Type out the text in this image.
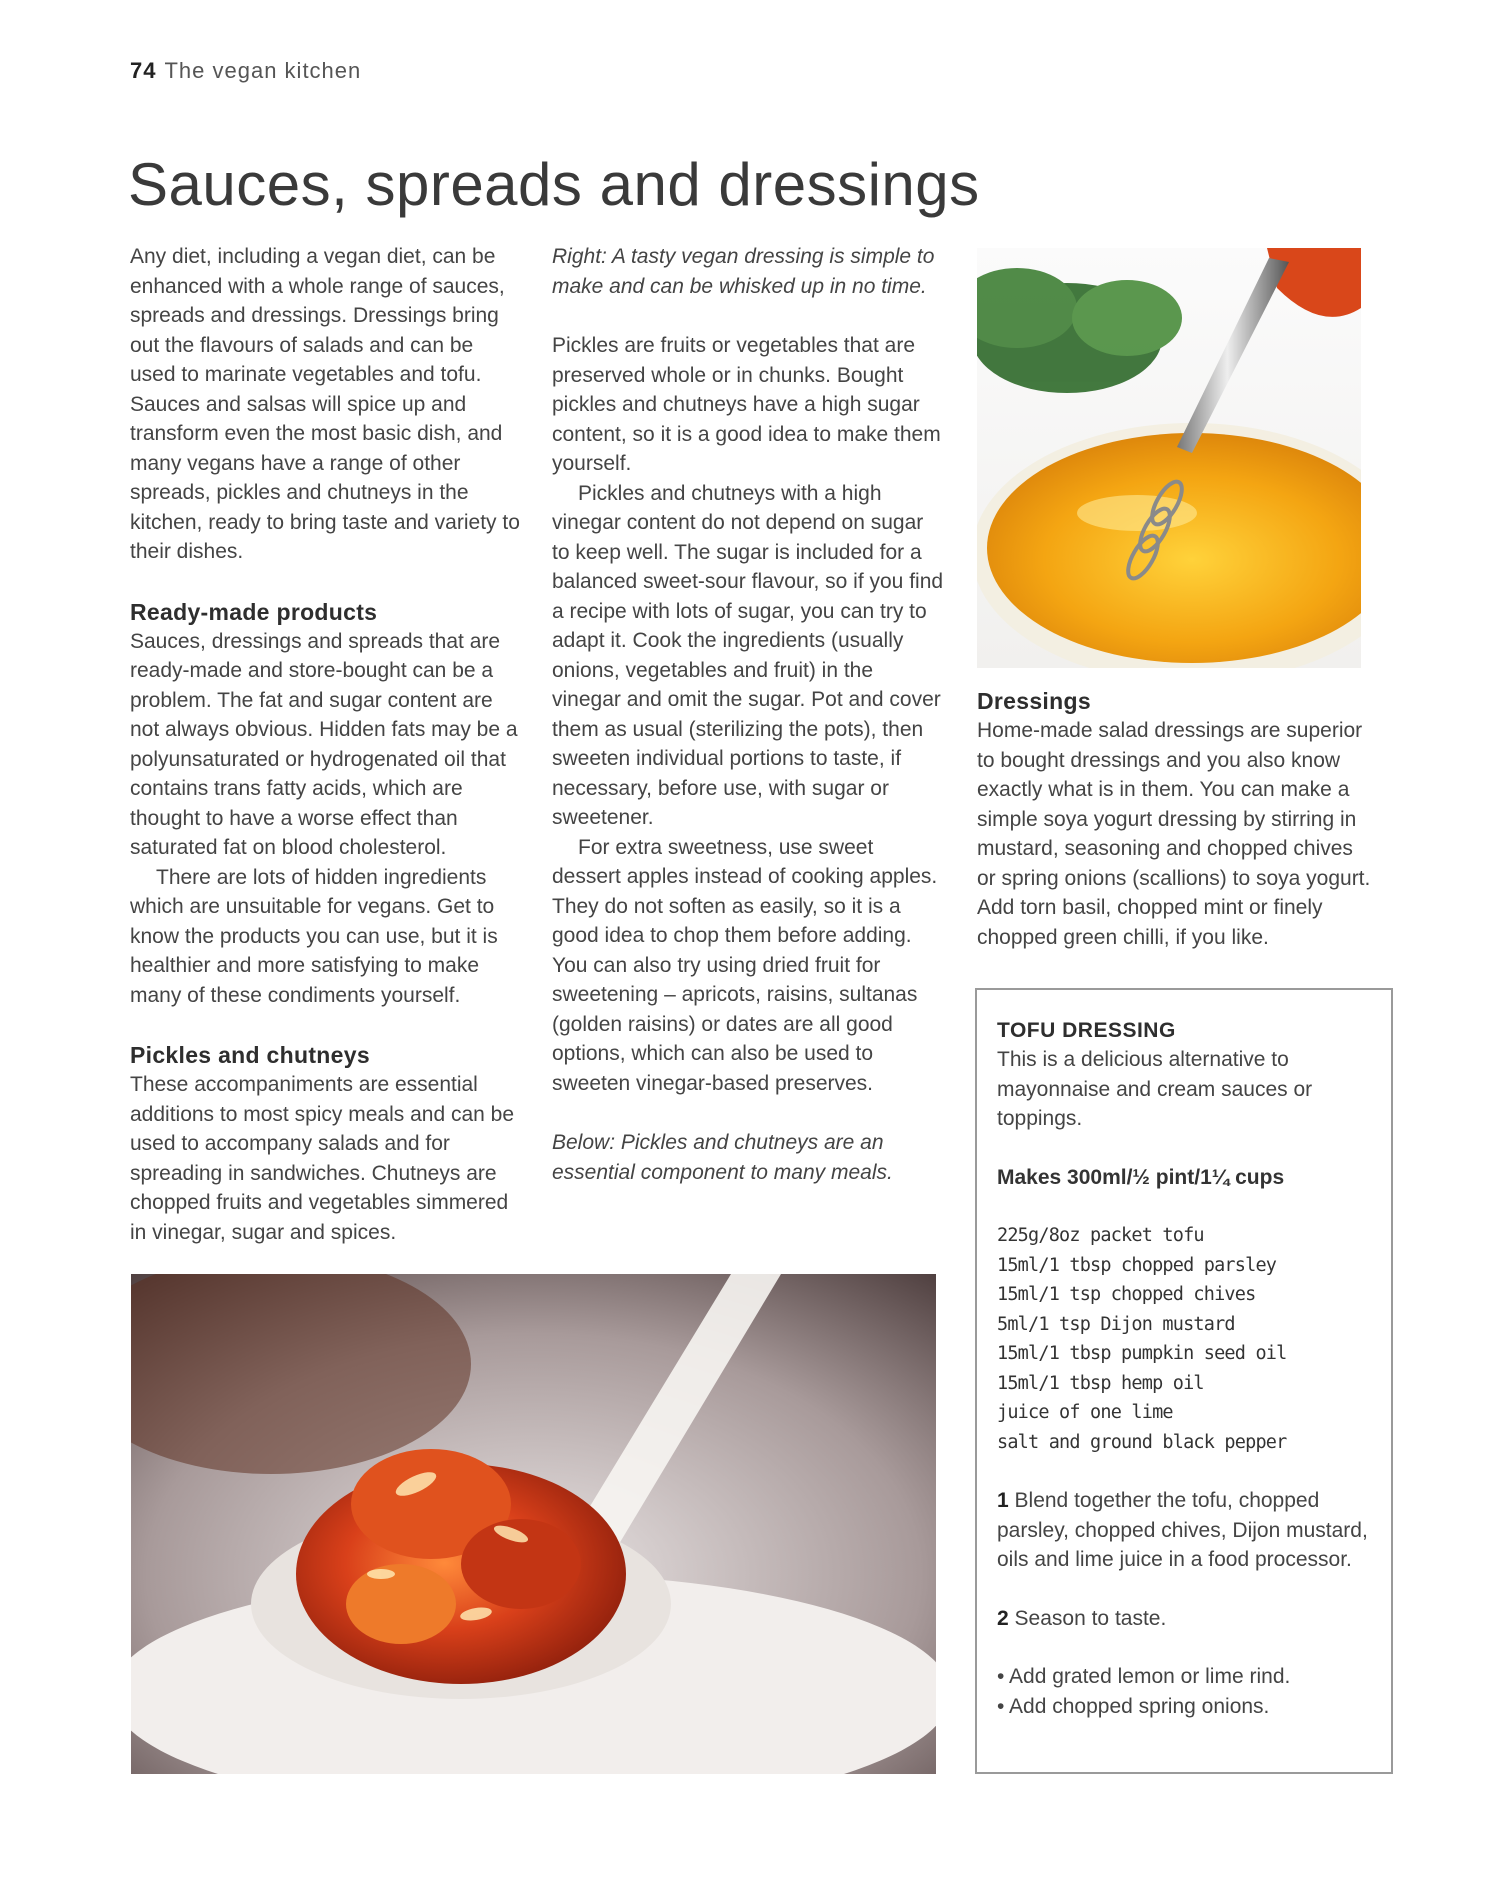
74 The vegan kitchen
Sauces, spreads and dressings

Any diet, including a vegan diet, can be enhanced with a whole range of sauces, spreads and dressings. Dressings bring out the flavours of salads and can be used to marinate vegetables and tofu. Sauces and salsas will spice up and transform even the most basic dish, and many vegans have a range of other spreads, pickles and chutneys in the kitchen, ready to bring taste and variety to their dishes.

Ready-made products

Sauces, dressings and spreads that are ready-made and store-bought can be a problem. The fat and sugar content are not always obvious. Hidden fats may be a polyunsaturated or hydrogenated oil that contains trans fatty acids, which are thought to have a worse effect than saturated fat on blood cholesterol.

There are lots of hidden ingredients which are unsuitable for vegans. Get to know the products you can use, but it is healthier and more satisfying to make many of these condiments yourself.

Pickles and chutneys

These accompaniments are essential additions to most spicy meals and can be used to accompany salads and for spreading in sandwiches. Chutneys are chopped fruits and vegetables simmered in vinegar, sugar and spices.

Right: A tasty vegan dressing is simple to make and can be whisked up in no time.

Pickles are fruits or vegetables that are preserved whole or in chunks. Bought pickles and chutneys have a high sugar content, so it is a good idea to make them yourself.

Pickles and chutneys with a high vinegar content do not depend on sugar to keep well. The sugar is included for a balanced sweet-sour flavour, so if you find a recipe with lots of sugar, you can try to adapt it. Cook the ingredients (usually onions, vegetables and fruit) in the vinegar and omit the sugar. Pot and cover them as usual (sterilizing the pots), then sweeten individual portions to taste, if necessary, before use, with sugar or sweetener.

For extra sweetness, use sweet dessert apples instead of cooking apples. They do not soften as easily, so it is a good idea to chop them before adding. You can also try using dried fruit for sweetening – apricots, raisins, sultanas (golden raisins) or dates are all good options, which can also be used to sweeten vinegar-based preserves.

Below: Pickles and chutneys are an essential component to many meals.

Dressings

Home-made salad dressings are superior to bought dressings and you also know exactly what is in them. You can make a simple soya yogurt dressing by stirring in mustard, seasoning and chopped chives or spring onions (scallions) to soya yogurt. Add torn basil, chopped mint or finely chopped green chilli, if you like.

TOFU DRESSING

This is a delicious alternative to mayonnaise and cream sauces or toppings.

Makes 300ml/½ pint/1¼ cups

225g/8oz packet tofu
15ml/1 tbsp chopped parsley
15ml/1 tsp chopped chives
5ml/1 tsp Dijon mustard
15ml/1 tbsp pumpkin seed oil
15ml/1 tbsp hemp oil
juice of one lime
salt and ground black pepper

1 Blend together the tofu, chopped parsley, chopped chives, Dijon mustard, oils and lime juice in a food processor.

2 Season to taste.

• Add grated lemon or lime rind.
• Add chopped spring onions.
